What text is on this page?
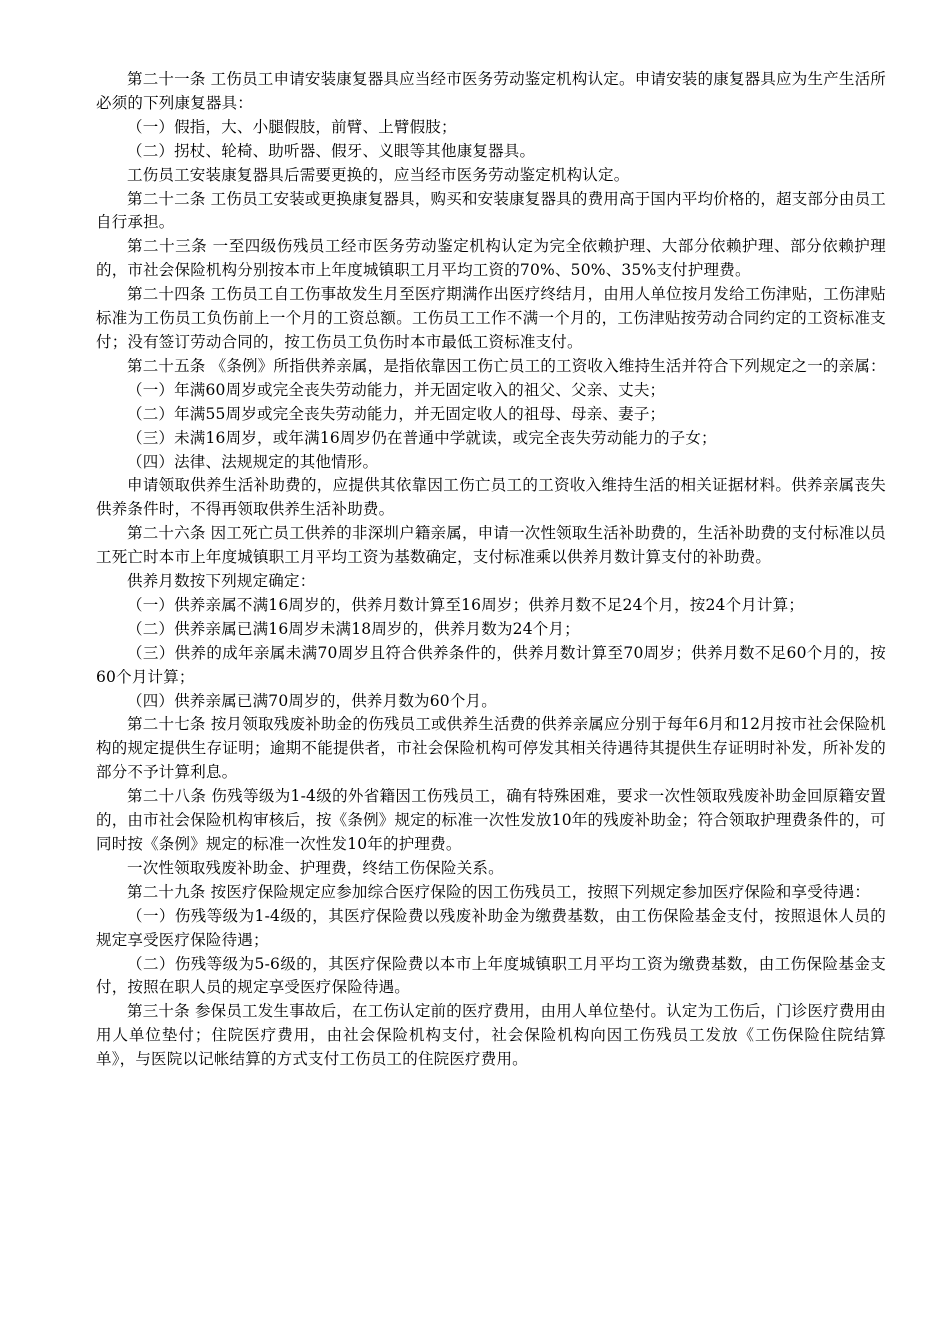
第二十一条 工伤员工申请安装康复器具应当经市医务劳动鉴定机构认定。申请安装的康复器具应为生产生活所必须的下列康复器具：

（一）假指，大、小腿假肢，前臂、上臂假肢；

（二）拐杖、轮椅、助听器、假牙、义眼等其他康复器具。

工伤员工安装康复器具后需要更换的，应当经市医务劳动鉴定机构认定。

第二十二条 工伤员工安装或更换康复器具，购买和安装康复器具的费用高于国内平均价格的，超支部分由员工自行承担。

第二十三条 一至四级伤残员工经市医务劳动鉴定机构认定为完全依赖护理、大部分依赖护理、部分依赖护理的，市社会保险机构分别按本市上年度城镇职工月平均工资的70%、50%、35%支付护理费。

第二十四条 工伤员工自工伤事故发生月至医疗期满作出医疗终结月，由用人单位按月发给工伤津贴，工伤津贴标准为工伤员工负伤前上一个月的工资总额。工伤员工工作不满一个月的，工伤津贴按劳动合同约定的工资标准支付；没有签订劳动合同的，按工伤员工负伤时本市最低工资标准支付。

第二十五条 《条例》所指供养亲属，是指依靠因工伤亡员工的工资收入维持生活并符合下列规定之一的亲属：

（一）年满60周岁或完全丧失劳动能力，并无固定收入的祖父、父亲、丈夫；

（二）年满55周岁或完全丧失劳动能力，并无固定收人的祖母、母亲、妻子；

（三）未满16周岁，或年满16周岁仍在普通中学就读，或完全丧失劳动能力的子女；

（四）法律、法规规定的其他情形。

申请领取供养生活补助费的，应提供其依靠因工伤亡员工的工资收入维持生活的相关证据材料。供养亲属丧失供养条件时，不得再领取供养生活补助费。

第二十六条 因工死亡员工供养的非深圳户籍亲属，申请一次性领取生活补助费的，生活补助费的支付标准以员工死亡时本市上年度城镇职工月平均工资为基数确定，支付标准乘以供养月数计算支付的补助费。

供养月数按下列规定确定：

（一）供养亲属不满16周岁的，供养月数计算至16周岁；供养月数不足24个月，按24个月计算；

（二）供养亲属已满16周岁未满18周岁的，供养月数为24个月；

（三）供养的成年亲属未满70周岁且符合供养条件的，供养月数计算至70周岁；供养月数不足60个月的，按60个月计算；

（四）供养亲属已满70周岁的，供养月数为60个月。

第二十七条 按月领取残废补助金的伤残员工或供养生活费的供养亲属应分别于每年6月和12月按市社会保险机构的规定提供生存证明；逾期不能提供者，市社会保险机构可停发其相关待遇待其提供生存证明时补发，所补发的部分不予计算利息。

第二十八条 伤残等级为1-4级的外省籍因工伤残员工，确有特殊困难，要求一次性领取残废补助金回原籍安置的，由市社会保险机构审核后，按《条例》规定的标准一次性发放10年的残废补助金；符合领取护理费条件的，可同时按《条例》规定的标准一次性发10年的护理费。

一次性领取残废补助金、护理费，终结工伤保险关系。

第二十九条 按医疗保险规定应参加综合医疗保险的因工伤残员工，按照下列规定参加医疗保险和享受待遇：

（一）伤残等级为1-4级的，其医疗保险费以残废补助金为缴费基数，由工伤保险基金支付，按照退休人员的规定享受医疗保险待遇；

（二）伤残等级为5-6级的，其医疗保险费以本市上年度城镇职工月平均工资为缴费基数，由工伤保险基金支付，按照在职人员的规定享受医疗保险待遇。

第三十条 参保员工发生事故后，在工伤认定前的医疗费用，由用人单位垫付。认定为工伤后，门诊医疗费用由用人单位垫付；住院医疗费用，由社会保险机构支付，社会保险机构向因工伤残员工发放《工伤保险住院结算单》，与医院以记帐结算的方式支付工伤员工的住院医疗费用。
